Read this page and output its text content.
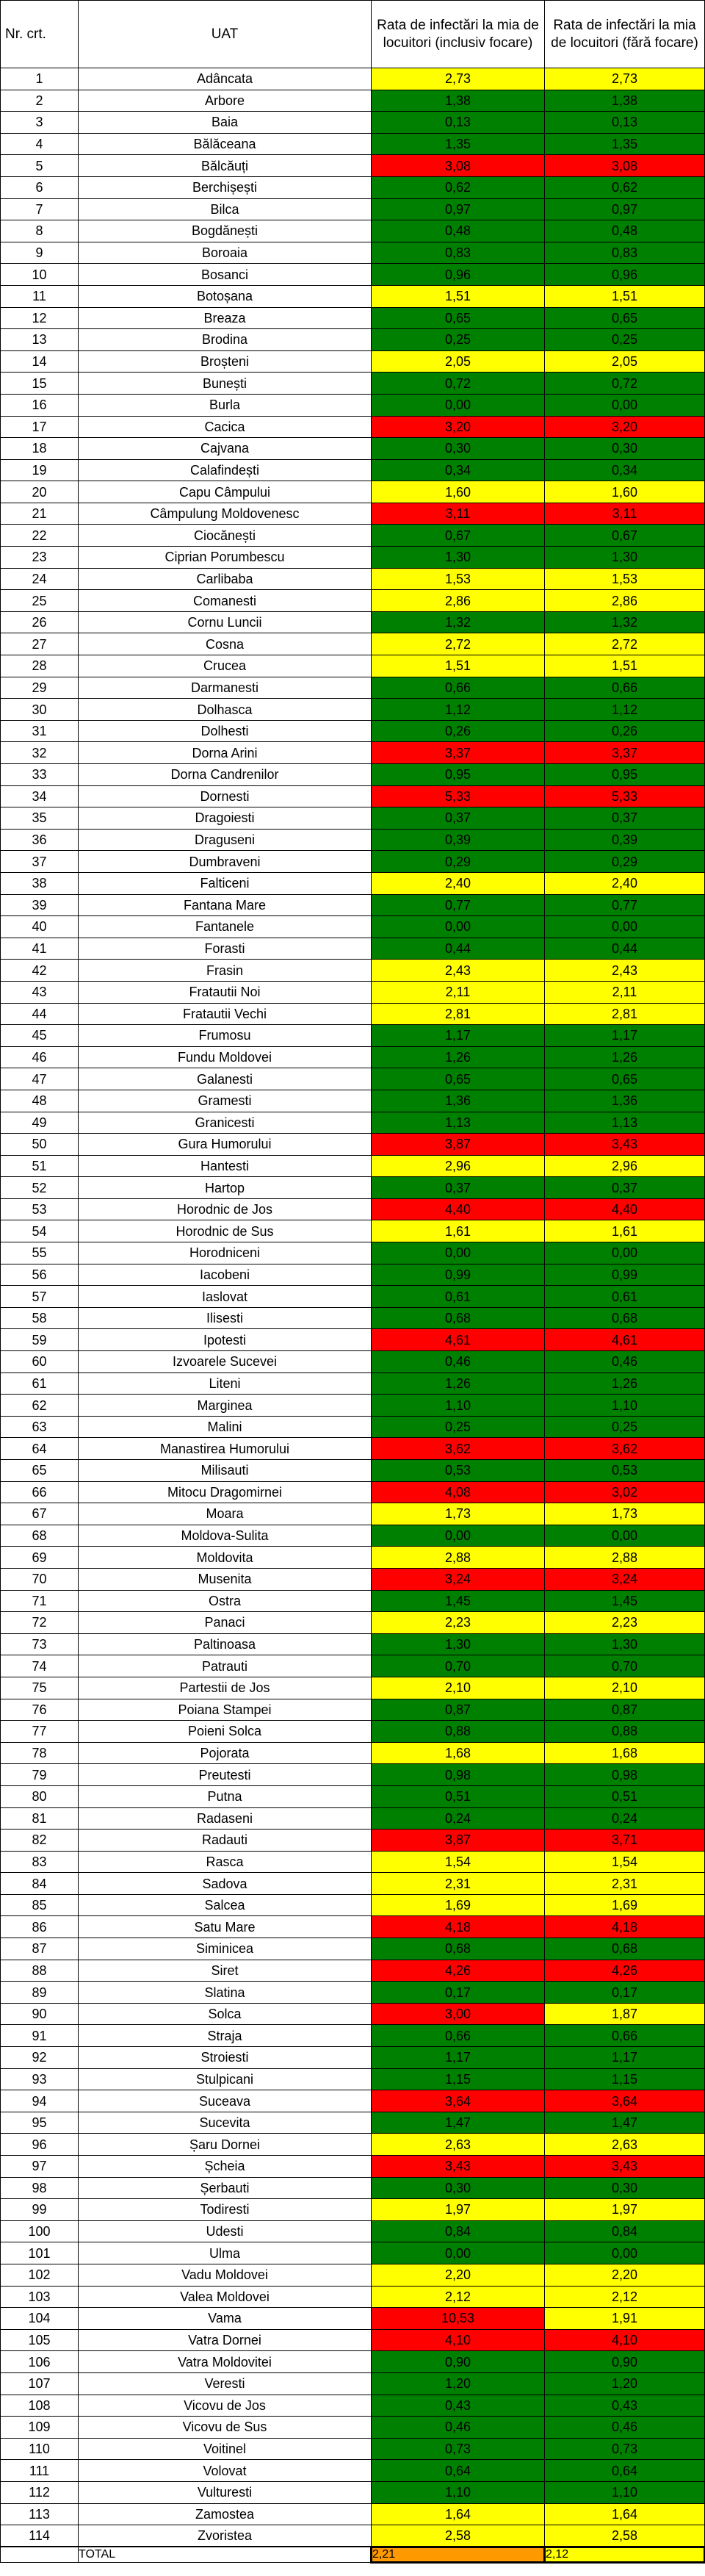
Nr. crt.	UAT	Rata de infectări la mia de locuitori (inclusiv focare)	Rata de infectări la mia de locuitori (fără focare)
1	Adâncata	2,73	2,73
2	Arbore	1,38	1,38
3	Baia	0,13	0,13
4	Bălăceana	1,35	1,35
5	Bălcăuți	3,08	3,08
6	Berchișești	0,62	0,62
7	Bilca	0,97	0,97
8	Bogdănești	0,48	0,48
9	Boroaia	0,83	0,83
10	Bosanci	0,96	0,96
11	Botoșana	1,51	1,51
12	Breaza	0,65	0,65
13	Brodina	0,25	0,25
14	Broșteni	2,05	2,05
15	Bunești	0,72	0,72
16	Burla	0,00	0,00
17	Cacica	3,20	3,20
18	Cajvana	0,30	0,30
19	Calafindești	0,34	0,34
20	Capu Câmpului	1,60	1,60
21	Câmpulung Moldovenesc	3,11	3,11
22	Ciocănești	0,67	0,67
23	Ciprian Porumbescu	1,30	1,30
24	Carlibaba	1,53	1,53
25	Comanesti	2,86	2,86
26	Cornu Luncii	1,32	1,32
27	Cosna	2,72	2,72
28	Crucea	1,51	1,51
29	Darmanesti	0,66	0,66
30	Dolhasca	1,12	1,12
31	Dolhesti	0,26	0,26
32	Dorna Arini	3,37	3,37
33	Dorna Candrenilor	0,95	0,95
34	Dornesti	5,33	5,33
35	Dragoiesti	0,37	0,37
36	Draguseni	0,39	0,39
37	Dumbraveni	0,29	0,29
38	Falticeni	2,40	2,40
39	Fantana Mare	0,77	0,77
40	Fantanele	0,00	0,00
41	Forasti	0,44	0,44
42	Frasin	2,43	2,43
43	Fratautii Noi	2,11	2,11
44	Fratautii Vechi	2,81	2,81
45	Frumosu	1,17	1,17
46	Fundu Moldovei	1,26	1,26
47	Galanesti	0,65	0,65
48	Gramesti	1,36	1,36
49	Granicesti	1,13	1,13
50	Gura Humorului	3,87	3,43
51	Hantesti	2,96	2,96
52	Hartop	0,37	0,37
53	Horodnic de Jos	4,40	4,40
54	Horodnic de Sus	1,61	1,61
55	Horodniceni	0,00	0,00
56	Iacobeni	0,99	0,99
57	Iaslovat	0,61	0,61
58	Ilisesti	0,68	0,68
59	Ipotesti	4,61	4,61
60	Izvoarele Sucevei	0,46	0,46
61	Liteni	1,26	1,26
62	Marginea	1,10	1,10
63	Malini	0,25	0,25
64	Manastirea Humorului	3,62	3,62
65	Milisauti	0,53	0,53
66	Mitocu Dragomirnei	4,08	3,02
67	Moara	1,73	1,73
68	Moldova-Sulita	0,00	0,00
69	Moldovita	2,88	2,88
70	Musenita	3,24	3,24
71	Ostra	1,45	1,45
72	Panaci	2,23	2,23
73	Paltinoasa	1,30	1,30
74	Patrauti	0,70	0,70
75	Partestii de Jos	2,10	2,10
76	Poiana Stampei	0,87	0,87
77	Poieni Solca	0,88	0,88
78	Pojorata	1,68	1,68
79	Preutesti	0,98	0,98
80	Putna	0,51	0,51
81	Radaseni	0,24	0,24
82	Radauti	3,87	3,71
83	Rasca	1,54	1,54
84	Sadova	2,31	2,31
85	Salcea	1,69	1,69
86	Satu Mare	4,18	4,18
87	Siminicea	0,68	0,68
88	Siret	4,26	4,26
89	Slatina	0,17	0,17
90	Solca	3,00	1,87
91	Straja	0,66	0,66
92	Stroiesti	1,17	1,17
93	Stulpicani	1,15	1,15
94	Suceava	3,64	3,64
95	Sucevita	1,47	1,47
96	Șaru Dornei	2,63	2,63
97	Șcheia	3,43	3,43
98	Șerbauti	0,30	0,30
99	Todiresti	1,97	1,97
100	Udesti	0,84	0,84
101	Ulma	0,00	0,00
102	Vadu Moldovei	2,20	2,20
103	Valea Moldovei	2,12	2,12
104	Vama	10,53	1,91
105	Vatra Dornei	4,10	4,10
106	Vatra Moldovitei	0,90	0,90
107	Veresti	1,20	1,20
108	Vicovu de Jos	0,43	0,43
109	Vicovu de Sus	0,46	0,46
110	Voitinel	0,73	0,73
111	Volovat	0,64	0,64
112	Vulturesti	1,10	1,10
113	Zamostea	1,64	1,64
114	Zvoristea	2,58	2,58
	TOTAL	2,21	2,12
